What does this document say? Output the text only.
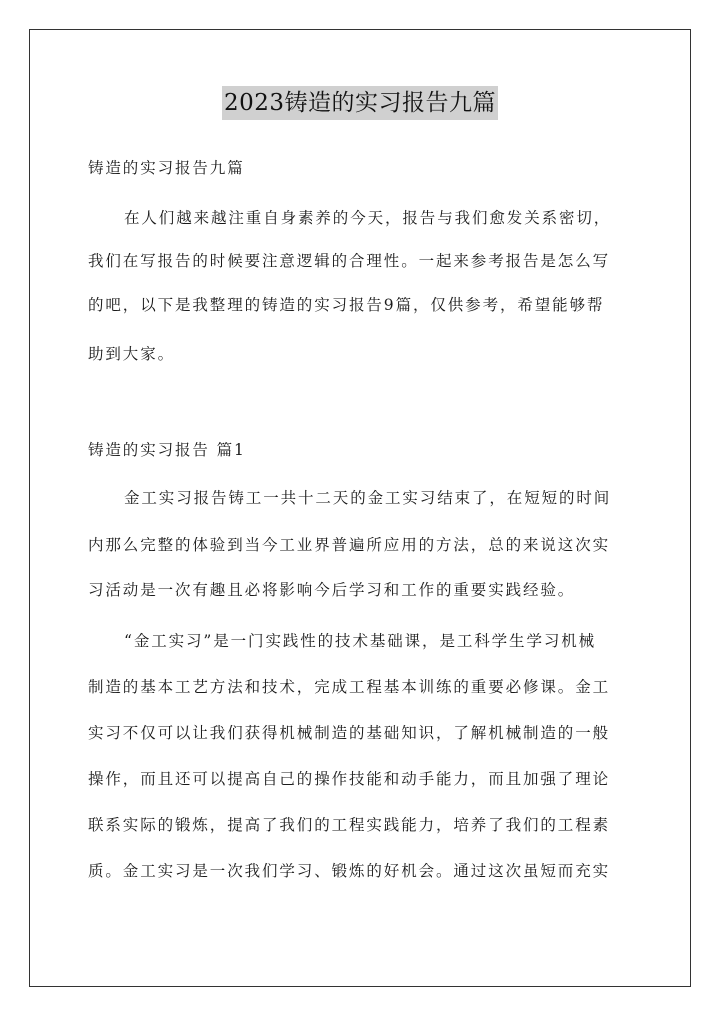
2023铸造的实习报告九篇
铸造的实习报告九篇
在人们越来越注重自身素养的今天，报告与我们愈发关系密切，
我们在写报告的时候要注意逻辑的合理性。一起来参考报告是怎么写
的吧，以下是我整理的铸造的实习报告9篇，仅供参考，希望能够帮
助到大家。
铸造的实习报告 篇1
金工实习报告铸工一共十二天的金工实习结束了，在短短的时间
内那么完整的体验到当今工业界普遍所应用的方法，总的来说这次实
习活动是一次有趣且必将影响今后学习和工作的重要实践经验。
“金工实习”是一门实践性的技术基础课，是工科学生学习机械
制造的基本工艺方法和技术，完成工程基本训练的重要必修课。金工
实习不仅可以让我们获得机械制造的基础知识，了解机械制造的一般
操作，而且还可以提高自己的操作技能和动手能力，而且加强了理论
联系实际的锻炼，提高了我们的工程实践能力，培养了我们的工程素
质。金工实习是一次我们学习、锻炼的好机会。通过这次虽短而充实
